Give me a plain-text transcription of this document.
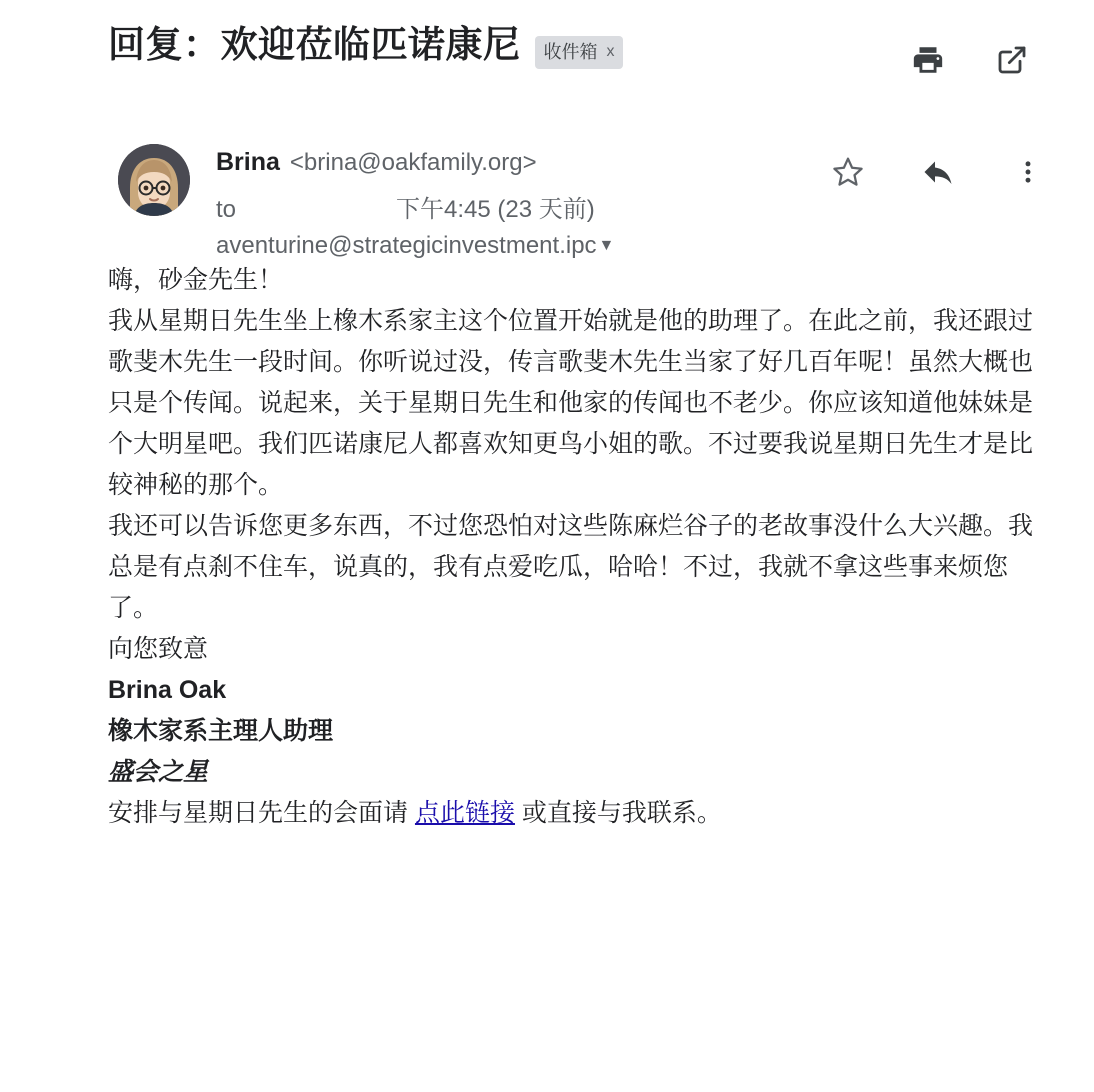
回复：欢迎莅临匹诺康尼 收件箱 x
Brina <brina@oakfamily.org>
to	下午4:45 (23 天前)
aventurine@strategicinvestment.ipc ▼

嗨，砂金先生！

我从星期日先生坐上橡木系家主这个位置开始就是他的助理了。在此之前，我还跟过歌斐木先生一段时间。你听说过没，传言歌斐木先生当家了好几百年呢！虽然大概也只是个传闻。说起来，关于星期日先生和他家的传闻也不老少。你应该知道他妹妹是个大明星吧。我们匹诺康尼人都喜欢知更鸟小姐的歌。不过要我说星期日先生才是比较神秘的那个。

我还可以告诉您更多东西，不过您恐怕对这些陈麻烂谷子的老故事没什么大兴趣。我总是有点刹不住车，说真的，我有点爱吃瓜，哈哈！不过，我就不拿这些事来烦您了。

向您致意

Brina Oak

橡木家系主理人助理

盛会之星

安排与星期日先生的会面请 点此链接 或直接与我联系。
